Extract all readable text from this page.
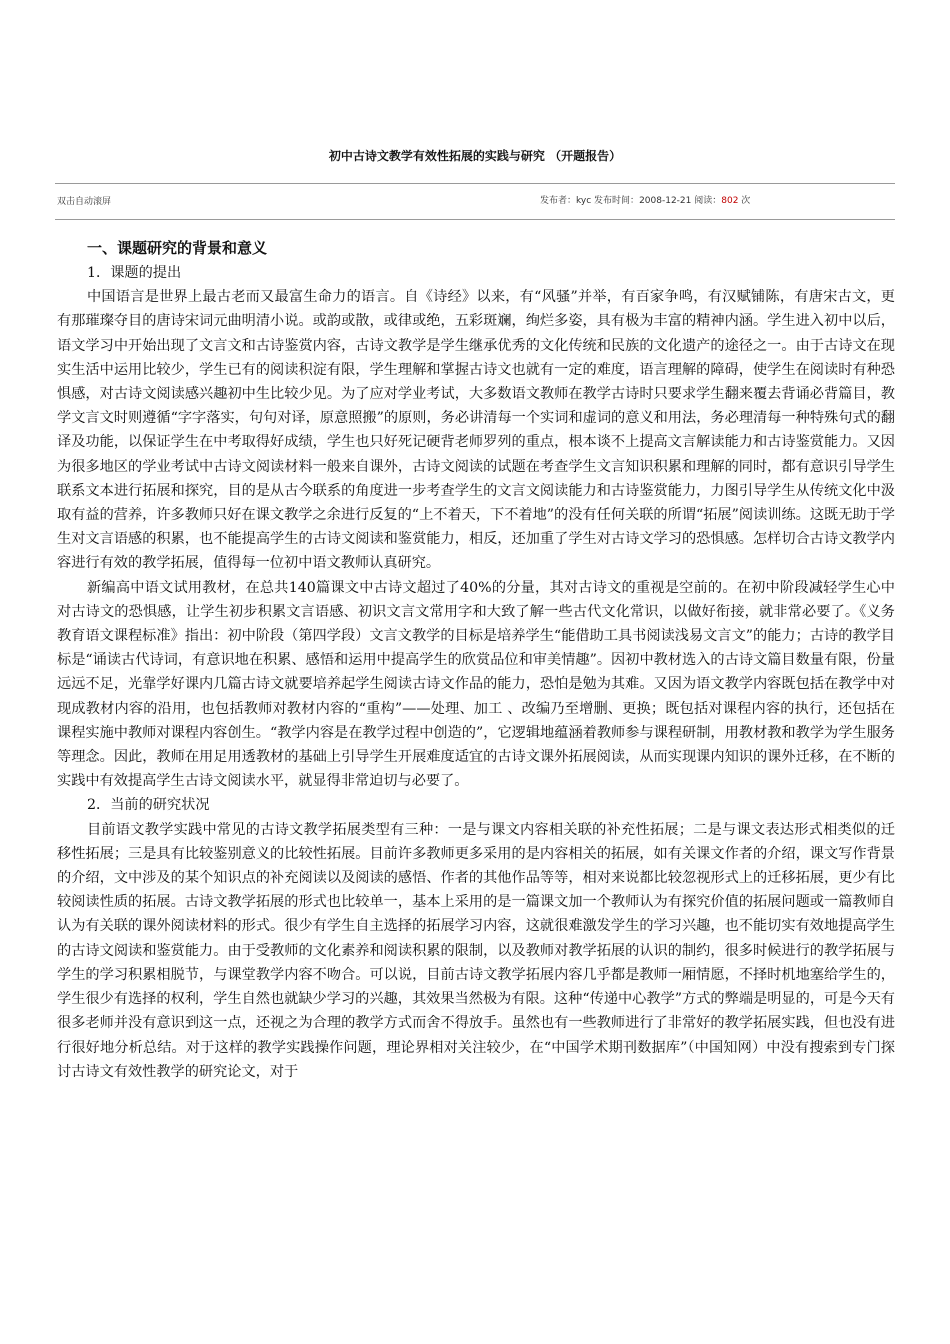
初中古诗文教学有效性拓展的实践与研究 （开题报告）
双击自动滚屏	发布者：kyc 发布时间：2008-12-21 阅读：802 次

一、课题研究的背景和意义

1．课题的提出

中国语言是世界上最古老而又最富生命力的语言。自《诗经》以来，有“风骚”并举，有百家争鸣，有汉赋铺陈，有唐宋古文，更有那璀璨夺目的唐诗宋词元曲明清小说。或韵或散，或律或绝，五彩斑斓，绚烂多姿，具有极为丰富的精神内涵。学生进入初中以后，语文学习中开始出现了文言文和古诗鉴赏内容，古诗文教学是学生继承优秀的文化传统和民族的文化遗产的途径之一。由于古诗文在现实生活中运用比较少，学生已有的阅读积淀有限，学生理解和掌握古诗文也就有一定的难度，语言理解的障碍，使学生在阅读时有种恐惧感，对古诗文阅读感兴趣初中生比较少见。为了应对学业考试，大多数语文教师在教学古诗时只要求学生翻来覆去背诵必背篇目，教学文言文时则遵循“字字落实，句句对译，原意照搬”的原则，务必讲清每一个实词和虚词的意义和用法，务必理清每一种特殊句式的翻译及功能，以保证学生在中考取得好成绩，学生也只好死记硬背老师罗列的重点，根本谈不上提高文言解读能力和古诗鉴赏能力。又因为很多地区的学业考试中古诗文阅读材料一般来自课外，古诗文阅读的试题在考查学生文言知识积累和理解的同时，都有意识引导学生联系文本进行拓展和探究，目的是从古今联系的角度进一步考查学生的文言文阅读能力和古诗鉴赏能力，力图引导学生从传统文化中汲取有益的营养，许多教师只好在课文教学之余进行反复的“上不着天，下不着地”的没有任何关联的所谓“拓展”阅读训练。这既无助于学生对文言语感的积累，也不能提高学生的古诗文阅读和鉴赏能力，相反，还加重了学生对古诗文学习的恐惧感。怎样切合古诗文教学内容进行有效的教学拓展，值得每一位初中语文教师认真研究。

新编高中语文试用教材，在总共140篇课文中古诗文超过了40%的分量，其对古诗文的重视是空前的。在初中阶段减轻学生心中对古诗文的恐惧感，让学生初步积累文言语感、初识文言文常用字和大致了解一些古代文化常识，以做好衔接，就非常必要了。《义务教育语文课程标准》指出：初中阶段（第四学段）文言文教学的目标是培养学生“能借助工具书阅读浅易文言文”的能力；古诗的教学目标是“诵读古代诗词，有意识地在积累、感悟和运用中提高学生的欣赏品位和审美情趣”。因初中教材选入的古诗文篇目数量有限，份量远远不足，光靠学好课内几篇古诗文就要培养起学生阅读古诗文作品的能力，恐怕是勉为其难。又因为语文教学内容既包括在教学中对现成教材内容的沿用，也包括教师对教材内容的“重构”——处理、加工 、改编乃至增删、更换；既包括对课程内容的执行，还包括在课程实施中教师对课程内容创生。“教学内容是在教学过程中创造的”，它逻辑地蕴涵着教师参与课程研制，用教材教和教学为学生服务等理念。因此，教师在用足用透教材的基础上引导学生开展难度适宜的古诗文课外拓展阅读，从而实现课内知识的课外迁移，在不断的实践中有效提高学生古诗文阅读水平，就显得非常迫切与必要了。

2．当前的研究状况

目前语文教学实践中常见的古诗文教学拓展类型有三种：一是与课文内容相关联的补充性拓展；二是与课文表达形式相类似的迁移性拓展；三是具有比较鉴别意义的比较性拓展。目前许多教师更多采用的是内容相关的拓展，如有关课文作者的介绍，课文写作背景的介绍，文中涉及的某个知识点的补充阅读以及阅读的感悟、作者的其他作品等等，相对来说都比较忽视形式上的迁移拓展，更少有比较阅读性质的拓展。古诗文教学拓展的形式也比较单一，基本上采用的是一篇课文加一个教师认为有探究价值的拓展问题或一篇教师自认为有关联的课外阅读材料的形式。很少有学生自主选择的拓展学习内容，这就很难激发学生的学习兴趣，也不能切实有效地提高学生的古诗文阅读和鉴赏能力。由于受教师的文化素养和阅读积累的限制，以及教师对教学拓展的认识的制约，很多时候进行的教学拓展与学生的学习积累相脱节，与课堂教学内容不吻合。可以说，目前古诗文教学拓展内容几乎都是教师一厢情愿，不择时机地塞给学生的，学生很少有选择的权利，学生自然也就缺少学习的兴趣，其效果当然极为有限。这种“传递中心教学”方式的弊端是明显的，可是今天有很多老师并没有意识到这一点，还视之为合理的教学方式而舍不得放手。虽然也有一些教师进行了非常好的教学拓展实践，但也没有进行很好地分析总结。对于这样的教学实践操作问题，理论界相对关注较少，在“中国学术期刊数据库”（中国知网）中没有搜索到专门探讨古诗文有效性教学的研究论文，对于
